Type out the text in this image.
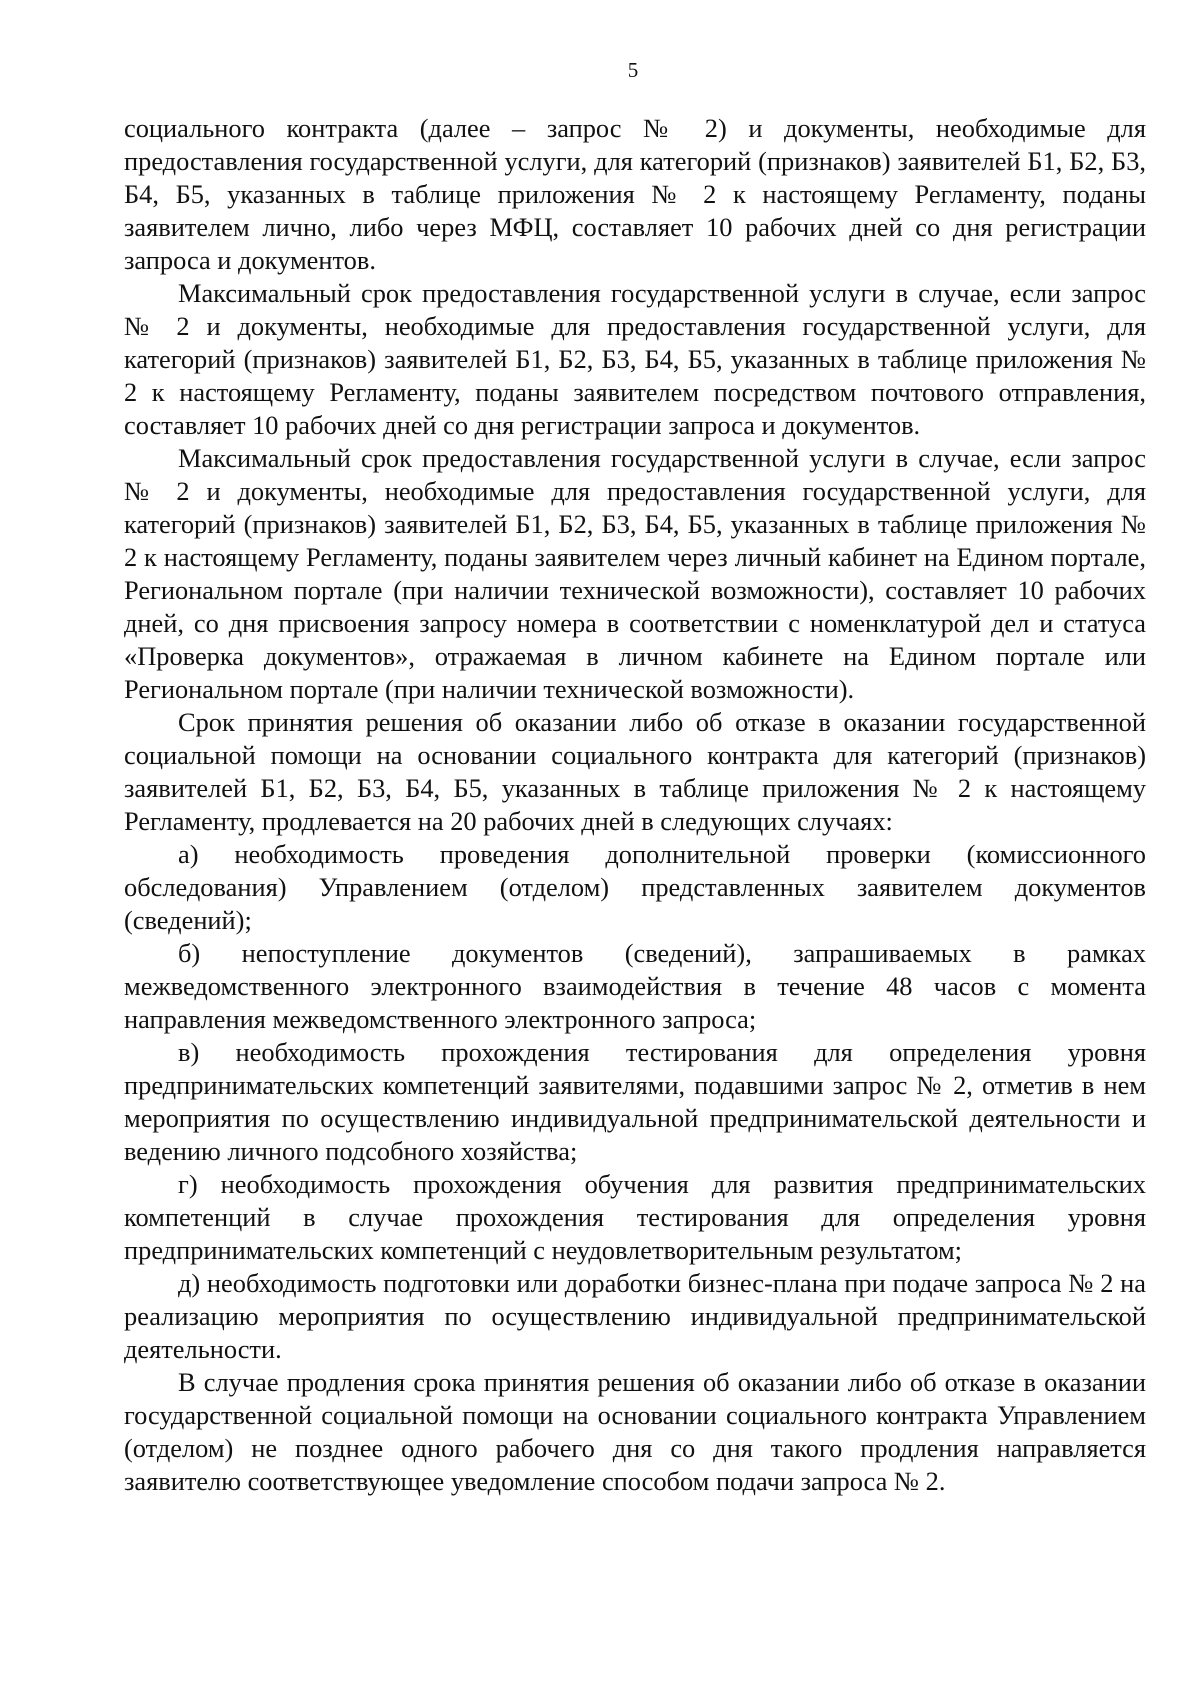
5

социального контракта (далее – запрос № 2) и документы, необходимые для предоставления государственной услуги, для категорий (признаков) заявителей Б1, Б2, Б3, Б4, Б5, указанных в таблице приложения № 2 к настоящему Регламенту, поданы заявителем лично, либо через МФЦ, составляет 10 рабочих дней со дня регистрации запроса и документов.

Максимальный срок предоставления государственной услуги в случае, если запрос № 2 и документы, необходимые для предоставления государственной услуги, для категорий (признаков) заявителей Б1, Б2, Б3, Б4, Б5, указанных в таблице приложения № 2 к настоящему Регламенту, поданы заявителем посредством почтового отправления, составляет 10 рабочих дней со дня регистрации запроса и документов.

Максимальный срок предоставления государственной услуги в случае, если запрос № 2 и документы, необходимые для предоставления государственной услуги, для категорий (признаков) заявителей Б1, Б2, Б3, Б4, Б5, указанных в таблице приложения № 2 к настоящему Регламенту, поданы заявителем через личный кабинет на Едином портале, Региональном портале (при наличии технической возможности), составляет 10 рабочих дней, со дня присвоения запросу номера в соответствии с номенклатурой дел и статуса «Проверка документов», отражаемая в личном кабинете на Едином портале или Региональном портале (при наличии технической возможности).

Срок принятия решения об оказании либо об отказе в оказании государственной социальной помощи на основании социального контракта для категорий (признаков) заявителей Б1, Б2, Б3, Б4, Б5, указанных в таблице приложения № 2 к настоящему Регламенту, продлевается на 20 рабочих дней в следующих случаях:

а) необходимость проведения дополнительной проверки (комиссионного обследования) Управлением (отделом) представленных заявителем документов (сведений);

б) непоступление документов (сведений), запрашиваемых в рамках межведомственного электронного взаимодействия в течение 48 часов с момента направления межведомственного электронного запроса;

в) необходимость прохождения тестирования для определения уровня предпринимательских компетенций заявителями, подавшими запрос № 2, отметив в нем мероприятия по осуществлению индивидуальной предпринимательской деятельности и ведению личного подсобного хозяйства;

г) необходимость прохождения обучения для развития предпринимательских компетенций в случае прохождения тестирования для определения уровня предпринимательских компетенций с неудовлетворительным результатом;

д) необходимость подготовки или доработки бизнес-плана при подаче запроса № 2 на реализацию мероприятия по осуществлению индивидуальной предпринимательской деятельности.

В случае продления срока принятия решения об оказании либо об отказе в оказании государственной социальной помощи на основании социального контракта Управлением (отделом) не позднее одного рабочего дня со дня такого продления направляется заявителю соответствующее уведомление способом подачи запроса № 2.
